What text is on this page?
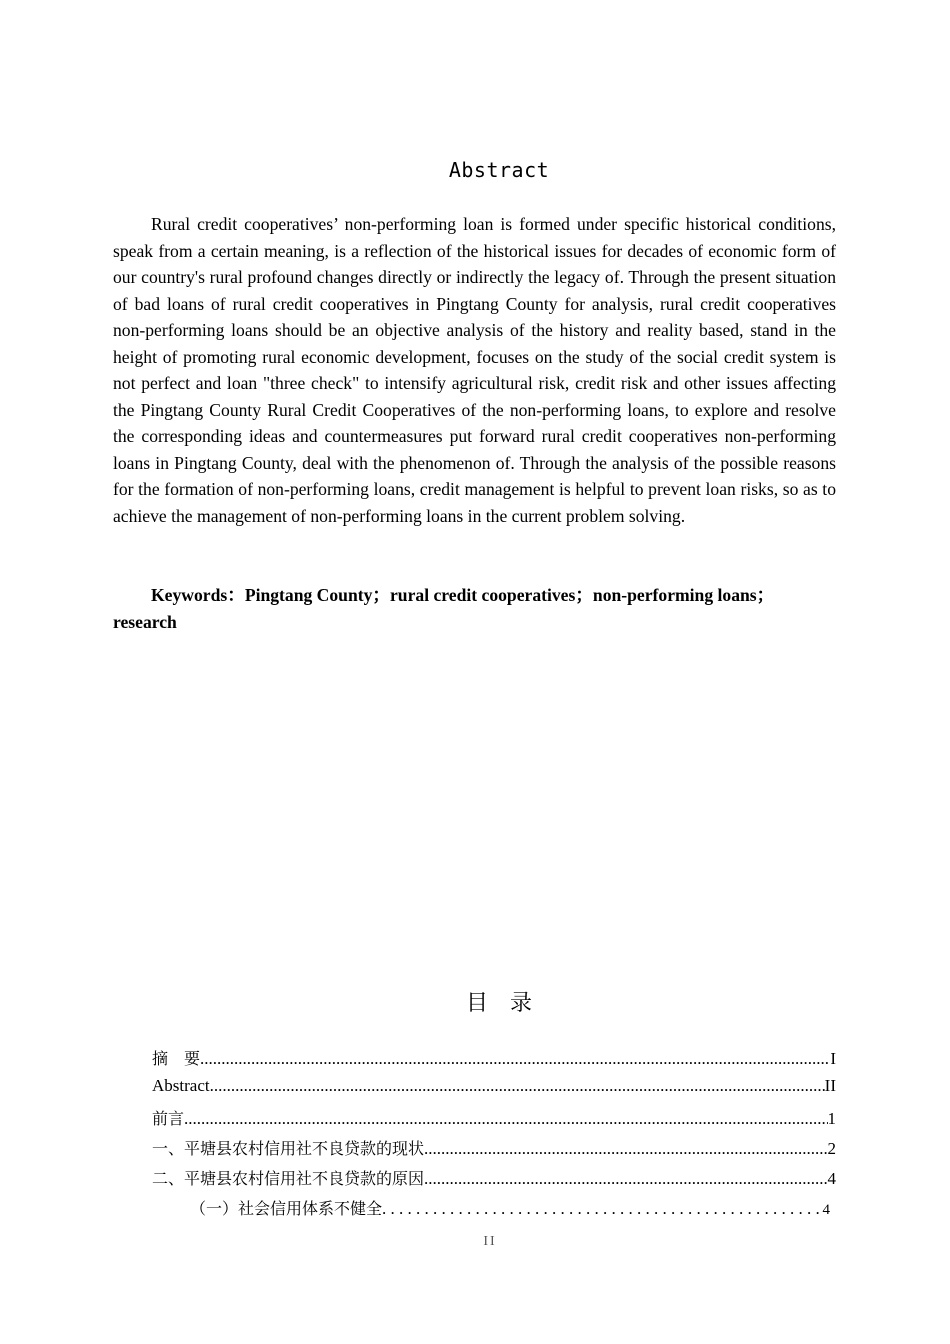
Abstract

Rural credit cooperatives’ non-performing loan is formed under specific historical conditions, speak from a certain meaning, is a reflection of the historical issues for decades of economic form of our country's rural profound changes directly or indirectly the legacy of. Through the present situation of bad loans of rural credit cooperatives in Pingtang County for analysis, rural credit cooperatives non-performing loans should be an objective analysis of the history and reality based, stand in the height of promoting rural economic development, focuses on the study of the social credit system is not perfect and loan "three check" to intensify agricultural risk, credit risk and other issues affecting the Pingtang County Rural Credit Cooperatives of the non-performing loans, to explore and resolve the corresponding ideas and countermeasures put forward rural credit cooperatives non-performing loans in Pingtang County, deal with the phenomenon of. Through the analysis of the possible reasons for the formation of non-performing loans, credit management is helpful to prevent loan risks, so as to achieve the management of non-performing loans in the current problem solving.

Keywords：Pingtang County；rural credit cooperatives；non-performing loans；research

目　录
摘　要 .....	I
Abstract .....	II
前言 .....	1
一、平塘县农村信用社不良贷款的现状 .....	2
二、平塘县农村信用社不良贷款的原因 .....	4
（一）社会信用体系不健全 . . .	4

II
